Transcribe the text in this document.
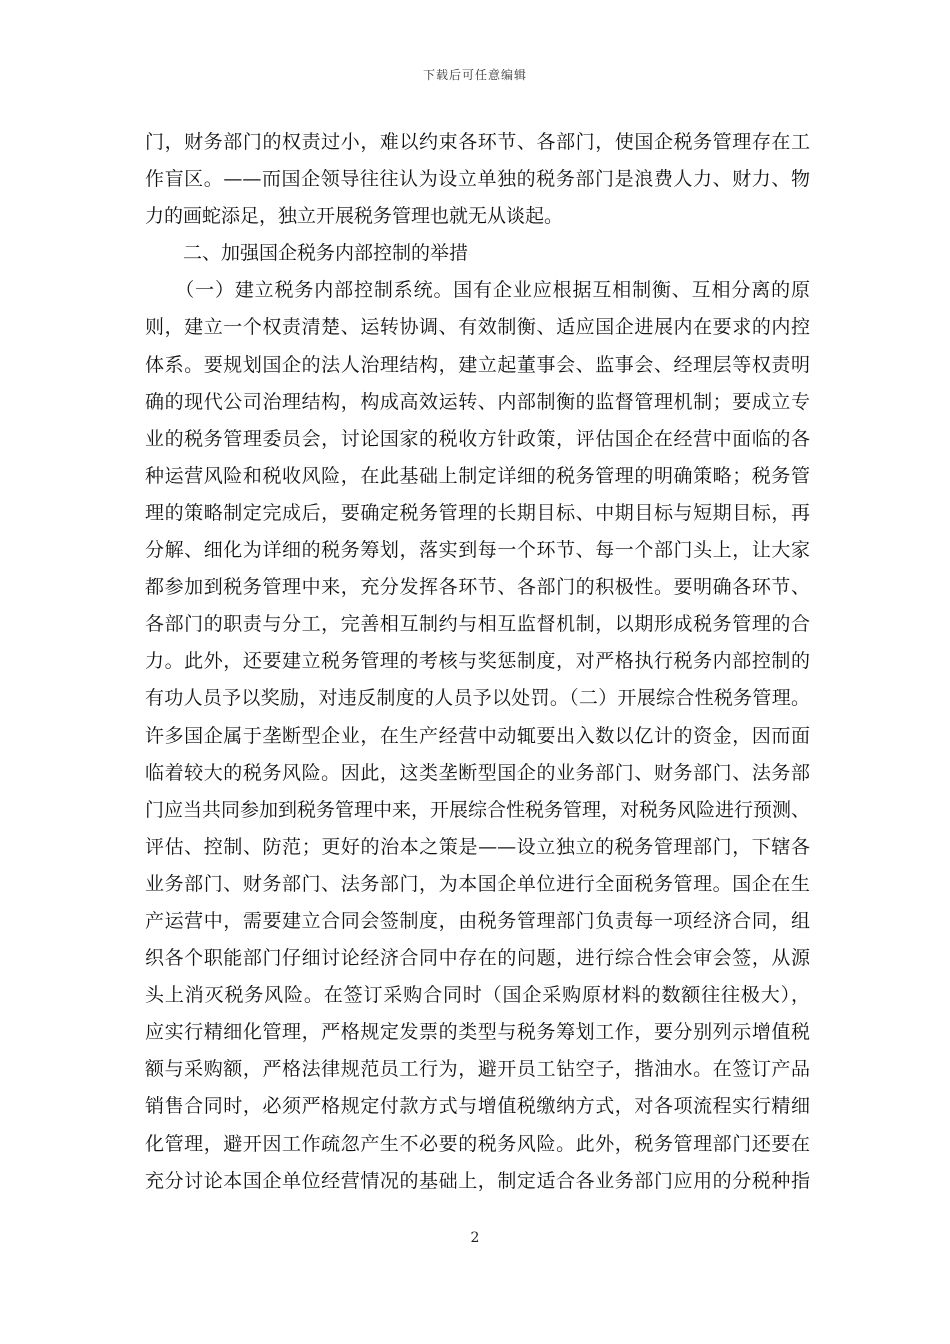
下载后可任意编辑
门，财务部门的权责过小，难以约束各环节、各部门，使国企税务管理存在工
作盲区。——而国企领导往往认为设立单独的税务部门是浪费人力、财力、物
力的画蛇添足，独立开展税务管理也就无从谈起。
　　二、加强国企税务内部控制的举措
　　（一）建立税务内部控制系统。国有企业应根据互相制衡、互相分离的原
则，建立一个权责清楚、运转协调、有效制衡、适应国企进展内在要求的内控
体系。要规划国企的法人治理结构，建立起董事会、监事会、经理层等权责明
确的现代公司治理结构，构成高效运转、内部制衡的监督管理机制；要成立专
业的税务管理委员会，讨论国家的税收方针政策，评估国企在经营中面临的各
种运营风险和税收风险，在此基础上制定详细的税务管理的明确策略；税务管
理的策略制定完成后，要确定税务管理的长期目标、中期目标与短期目标，再
分解、细化为详细的税务筹划，落实到每一个环节、每一个部门头上，让大家
都参加到税务管理中来，充分发挥各环节、各部门的积极性。要明确各环节、
各部门的职责与分工，完善相互制约与相互监督机制，以期形成税务管理的合
力。此外，还要建立税务管理的考核与奖惩制度，对严格执行税务内部控制的
有功人员予以奖励，对违反制度的人员予以处罚。（二）开展综合性税务管理。
许多国企属于垄断型企业，在生产经营中动辄要出入数以亿计的资金，因而面
临着较大的税务风险。因此，这类垄断型国企的业务部门、财务部门、法务部
门应当共同参加到税务管理中来，开展综合性税务管理，对税务风险进行预测、
评估、控制、防范；更好的治本之策是——设立独立的税务管理部门，下辖各
业务部门、财务部门、法务部门，为本国企单位进行全面税务管理。国企在生
产运营中，需要建立合同会签制度，由税务管理部门负责每一项经济合同，组
织各个职能部门仔细讨论经济合同中存在的问题，进行综合性会审会签，从源
头上消灭税务风险。在签订采购合同时（国企采购原材料的数额往往极大），
应实行精细化管理，严格规定发票的类型与税务筹划工作，要分别列示增值税
额与采购额，严格法律规范员工行为，避开员工钻空子，揩油水。在签订产品
销售合同时，必须严格规定付款方式与增值税缴纳方式，对各项流程实行精细
化管理，避开因工作疏忽产生不必要的税务风险。此外，税务管理部门还要在
充分讨论本国企单位经营情况的基础上，制定适合各业务部门应用的分税种指
2
